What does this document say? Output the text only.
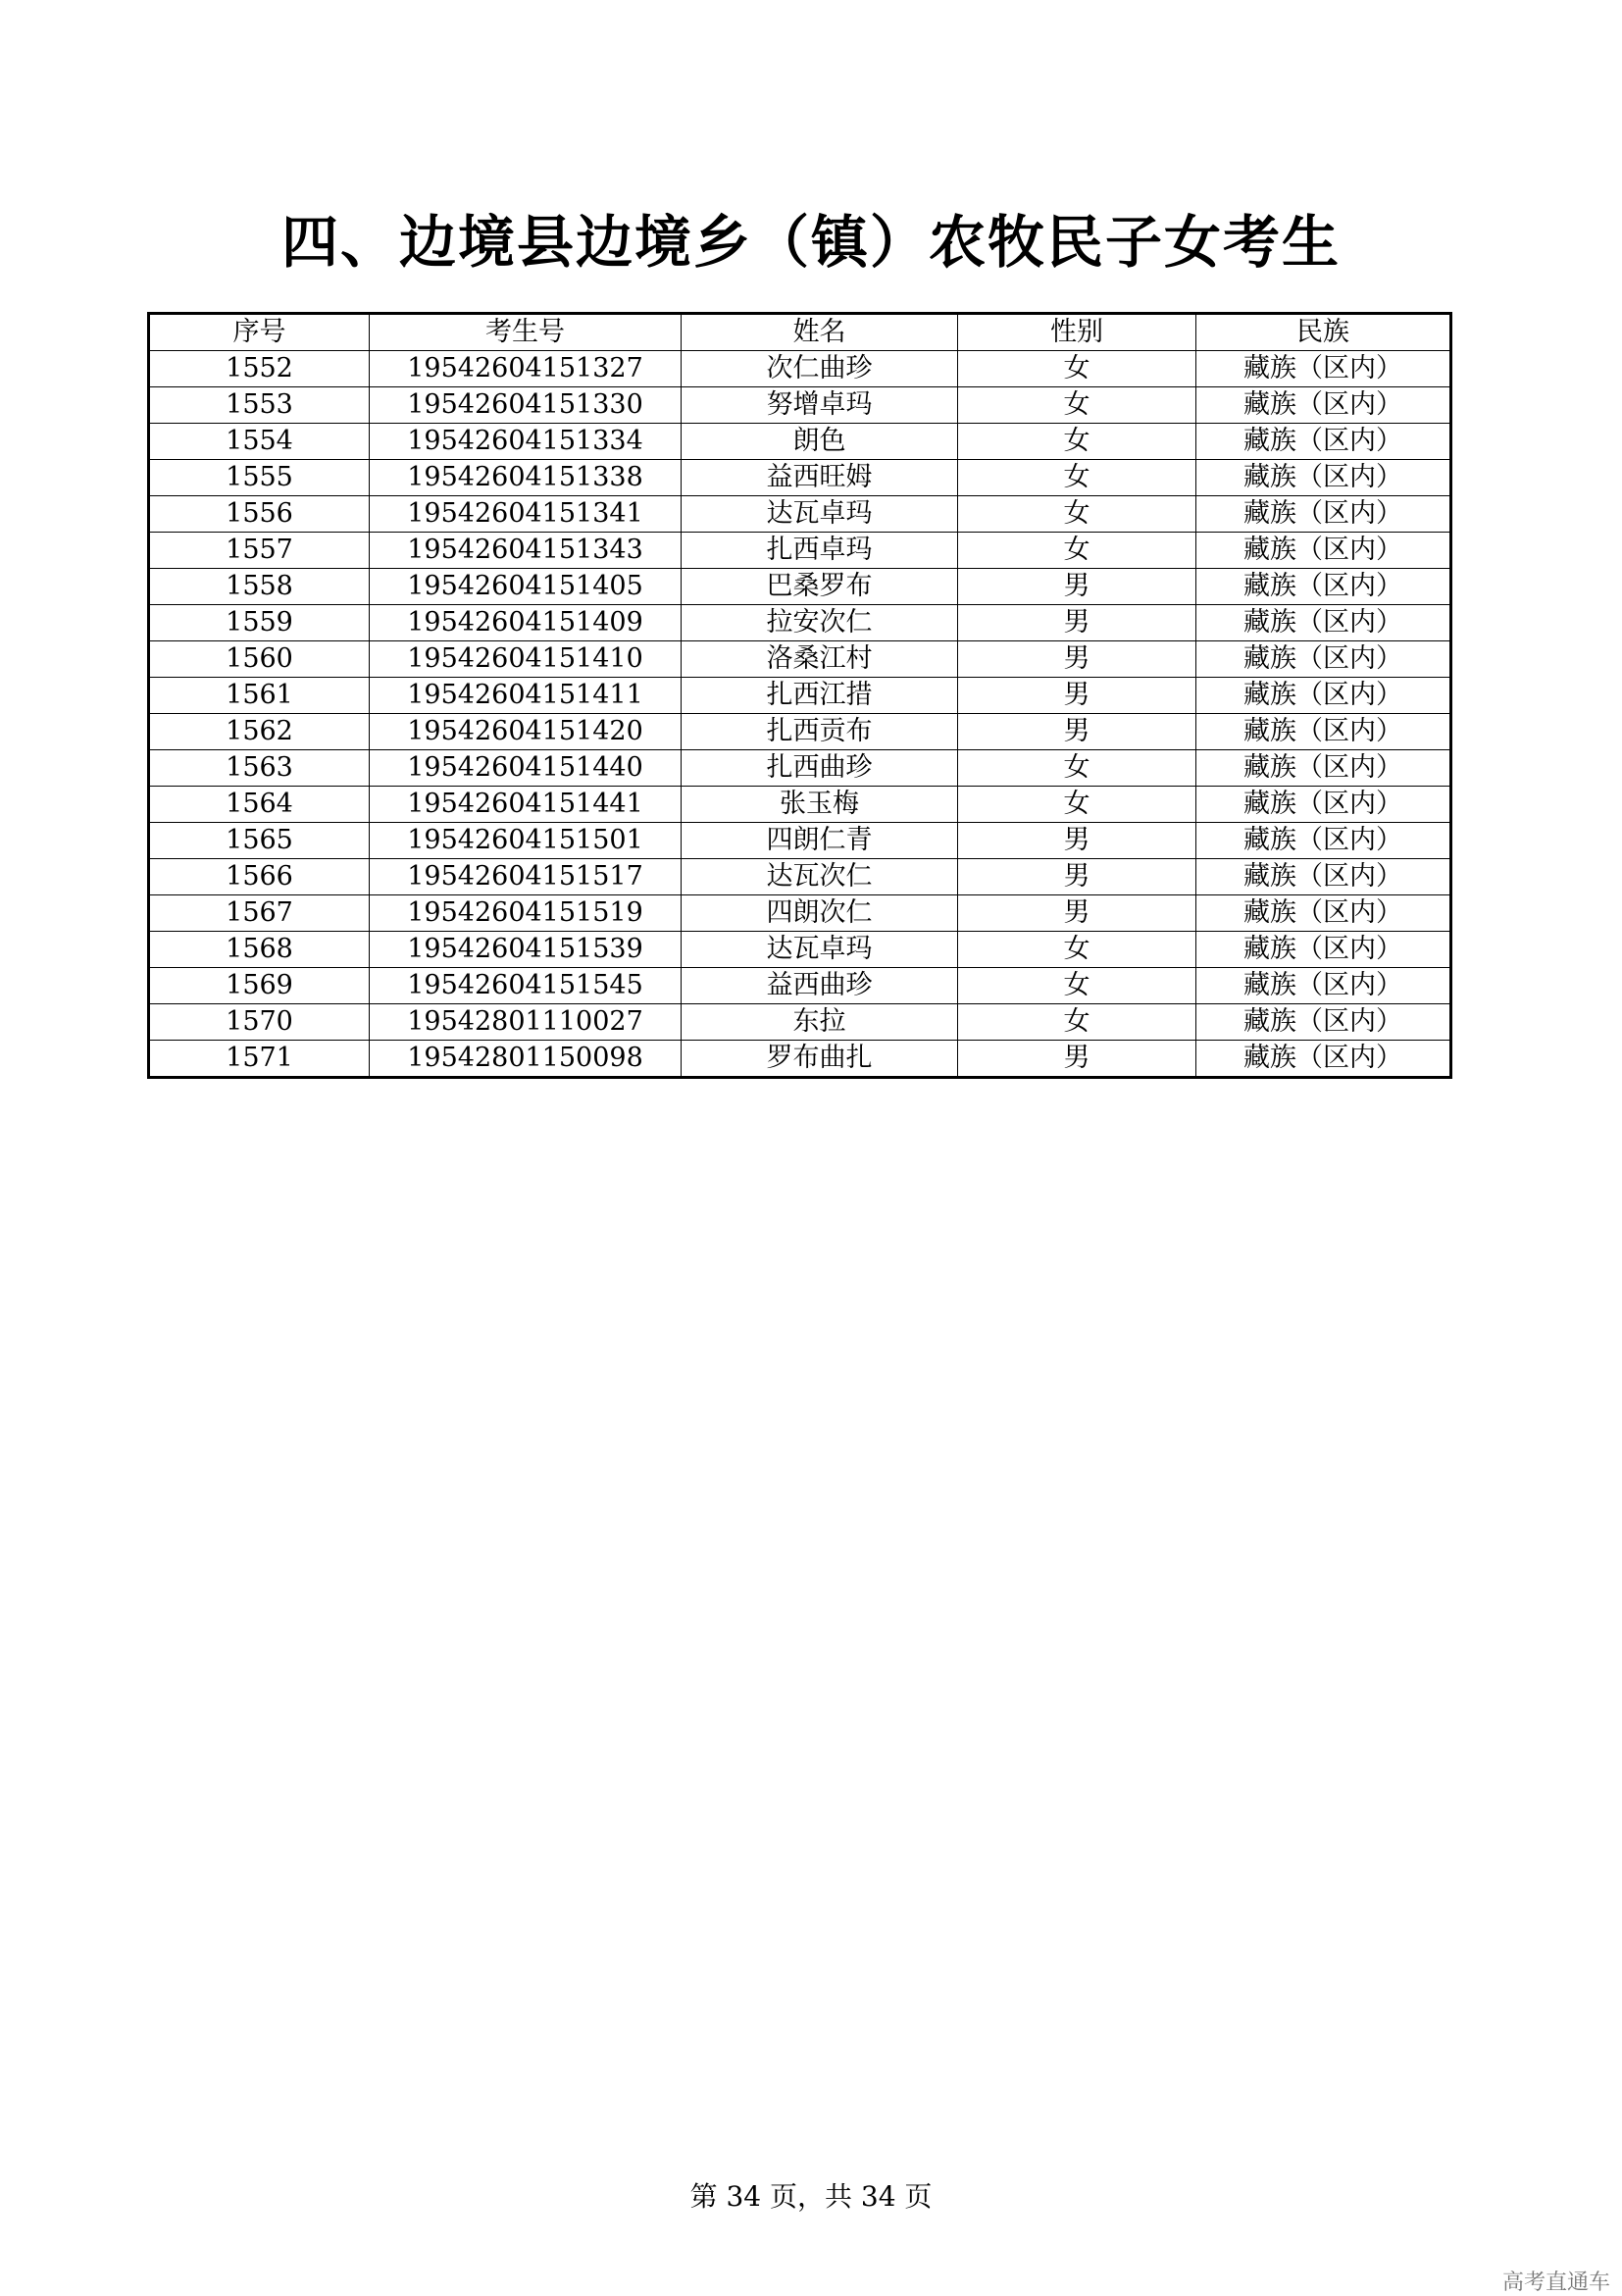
四、边境县边境乡（镇）农牧民子女考生
序号	考生号	姓名	性别	民族
1552	19542604151327	次仁曲珍	女	藏族（区内）
1553	19542604151330	努增卓玛	女	藏族（区内）
1554	19542604151334	朗色	女	藏族（区内）
1555	19542604151338	益西旺姆	女	藏族（区内）
1556	19542604151341	达瓦卓玛	女	藏族（区内）
1557	19542604151343	扎西卓玛	女	藏族（区内）
1558	19542604151405	巴桑罗布	男	藏族（区内）
1559	19542604151409	拉安次仁	男	藏族（区内）
1560	19542604151410	洛桑江村	男	藏族（区内）
1561	19542604151411	扎西江措	男	藏族（区内）
1562	19542604151420	扎西贡布	男	藏族（区内）
1563	19542604151440	扎西曲珍	女	藏族（区内）
1564	19542604151441	张玉梅	女	藏族（区内）
1565	19542604151501	四朗仁青	男	藏族（区内）
1566	19542604151517	达瓦次仁	男	藏族（区内）
1567	19542604151519	四朗次仁	男	藏族（区内）
1568	19542604151539	达瓦卓玛	女	藏族（区内）
1569	19542604151545	益西曲珍	女	藏族（区内）
1570	19542801110027	东拉	女	藏族（区内）
1571	19542801150098	罗布曲扎	男	藏族（区内）
第 34 页，共 34 页
高考直通车
